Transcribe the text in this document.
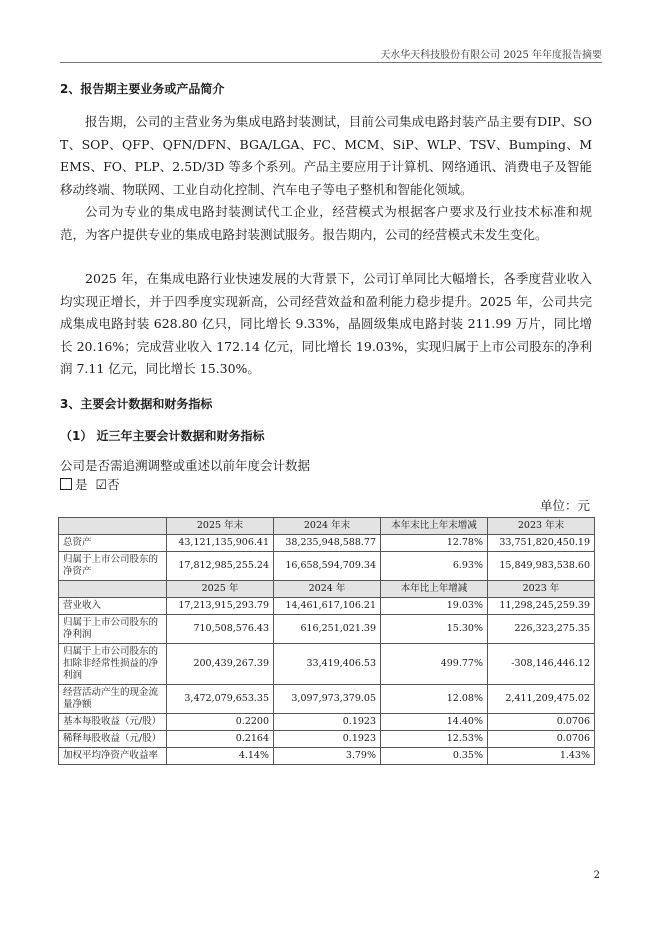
天水华天科技股份有限公司 2025 年年度报告摘要
2、报告期主要业务或产品简介
报告期，公司的主营业务为集成电路封装测试，目前公司集成电路封装产品主要有DIP、SOT、SOP、QFP、QFN/DFN、BGA/LGA、FC、MCM、SiP、WLP、TSV、Bumping、MEMS、FO、PLP、2.5D/3D 等多个系列。产品主要应用于计算机、网络通讯、消费电子及智能移动终端、物联网、工业自动化控制、汽车电子等电子整机和智能化领域。
公司为专业的集成电路封装测试代工企业，经营模式为根据客户要求及行业技术标准和规范，为客户提供专业的集成电路封装测试服务。报告期内，公司的经营模式未发生变化。
2025 年，在集成电路行业快速发展的大背景下，公司订单同比大幅增长，各季度营业收入均实现正增长，并于四季度实现新高，公司经营效益和盈利能力稳步提升。2025 年，公司共完成集成电路封装 628.80 亿只，同比增长 9.33%，晶圆级集成电路封装 211.99 万片，同比增长 20.16%；完成营业收入 172.14 亿元，同比增长 19.03%，实现归属于上市公司股东的净利润 7.11 亿元，同比增长 15.30%。
3、主要会计数据和财务指标
（1） 近三年主要会计数据和财务指标
公司是否需追溯调整或重述以前年度会计数据
是 ☑否
单位：元
	2025 年末	2024 年末	本年末比上年末增减	2023 年末
总资产	43,121,135,906.41	38,235,948,588.77	12.78%	33,751,820,450.19
归属于上市公司股东的净资产	17,812,985,255.24	16,658,594,709.34	6.93%	15,849,983,538.60
	2025 年	2024 年	本年比上年增减	2023 年
营业收入	17,213,915,293.79	14,461,617,106.21	19.03%	11,298,245,259.39
归属于上市公司股东的净利润	710,508,576.43	616,251,021.39	15.30%	226,323,275.35
归属于上市公司股东的扣除非经常性损益的净利润	200,439,267.39	33,419,406.53	499.77%	-308,146,446.12
经营活动产生的现金流量净额	3,472,079,653.35	3,097,973,379.05	12.08%	2,411,209,475.02
基本每股收益（元/股）	0.2200	0.1923	14.40%	0.0706
稀释每股收益（元/股）	0.2164	0.1923	12.53%	0.0706
加权平均净资产收益率	4.14%	3.79%	0.35%	1.43%
2
